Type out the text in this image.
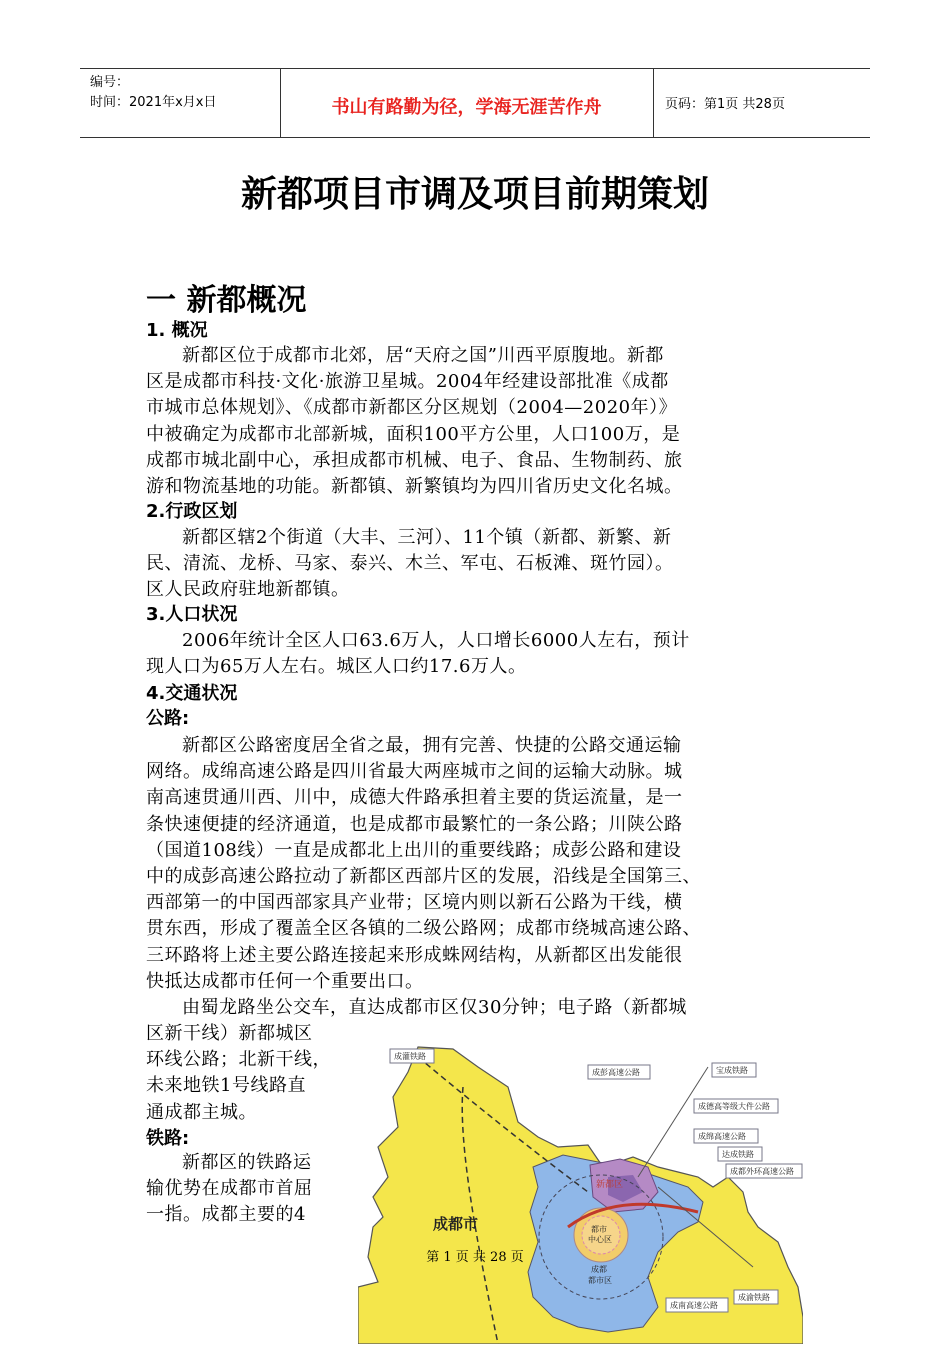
编号：
时间：2021年x月x日	书山有路勤为径，学海无涯苦作舟	页码：第1页 共28页
新都项目市调及项目前期策划
一 新都概况
1. 概况
新都区位于成都市北郊，居“天府之国”川西平原腹地。新都
区是成都市科技·文化·旅游卫星城。2004年经建设部批准《成都
市城市总体规划》、《成都市新都区分区规划（2004—2020年）》
中被确定为成都市北部新城，面积100平方公里，人口100万，是
成都市城北副中心，承担成都市机械、电子、食品、生物制药、旅
游和物流基地的功能。新都镇、新繁镇均为四川省历史文化名城。
2.行政区划
新都区辖2个街道（大丰、三河）、11个镇（新都、新繁、新
民、清流、龙桥、马家、泰兴、木兰、军屯、石板滩、斑竹园）。
区人民政府驻地新都镇。
3.人口状况
2006年统计全区人口63.6万人，人口增长6000人左右，预计
现人口为65万人左右。城区人口约17.6万人。
4.交通状况
公路:
新都区公路密度居全省之最，拥有完善、快捷的公路交通运输
网络。成绵高速公路是四川省最大两座城市之间的运输大动脉。城
南高速贯通川西、川中，成德大件路承担着主要的货运流量，是一
条快速便捷的经济通道，也是成都市最繁忙的一条公路；川陕公路
（国道108线）一直是成都北上出川的重要线路；成彭公路和建设
中的成彭高速公路拉动了新都区西部片区的发展，沿线是全国第三、
西部第一的中国西部家具产业带；区境内则以新石公路为干线，横
贯东西，形成了覆盖全区各镇的二级公路网；成都市绕城高速公路、
三环路将上述主要公路连接起来形成蛛网结构，从新都区出发能很
快抵达成都市任何一个重要出口。
由蜀龙路坐公交车，直达成都市区仅30分钟；电子路（新都城
区新干线）新都城区
环线公路；北新干线，
未来地铁1号线路直
通成都主城。
铁路:
新都区的铁路运
输优势在成都市首屈
一指。成都主要的4
成灌铁路
成彭高速公路	宝成铁路
成德高等级大件公路
成绵高速公路
达成铁路
成都外环高速公路
成南高速公路
成渝铁路
成都市
新都区
都市
中心区
成都
都市区
第 1 页 共 28 页
